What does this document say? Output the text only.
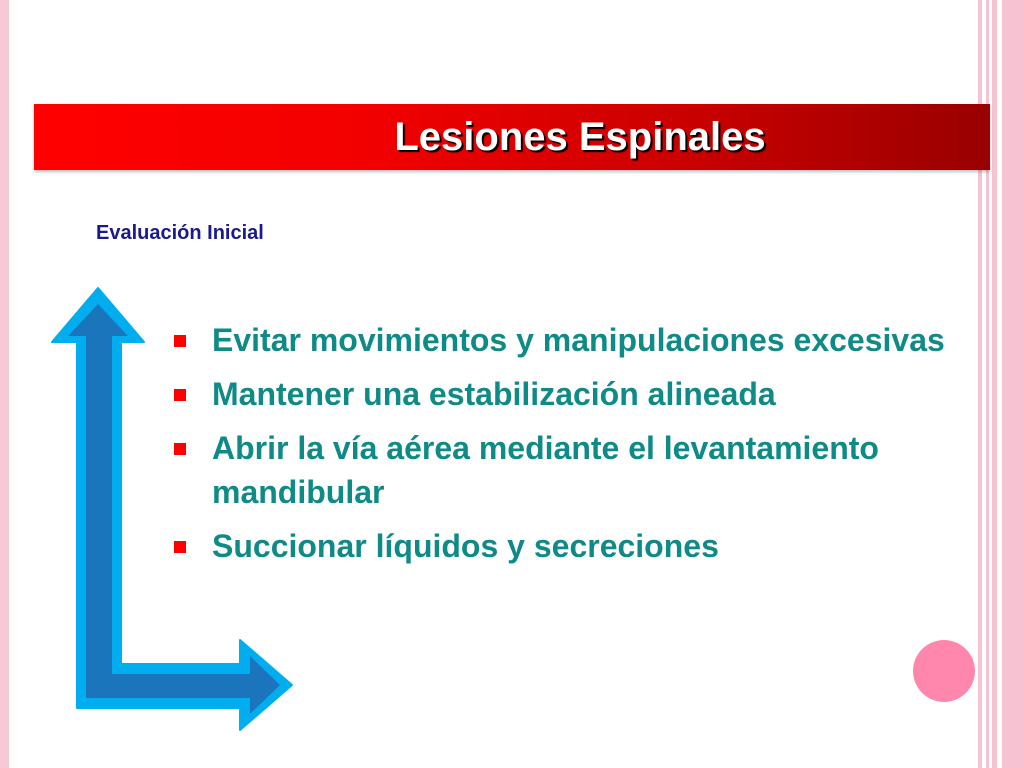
Lesiones Espinales
Evaluación Inicial
Evitar movimientos y manipulaciones excesivas
Mantener una estabilización alineada
Abrir la vía aérea mediante el levantamiento mandibular
Succionar líquidos y secreciones
